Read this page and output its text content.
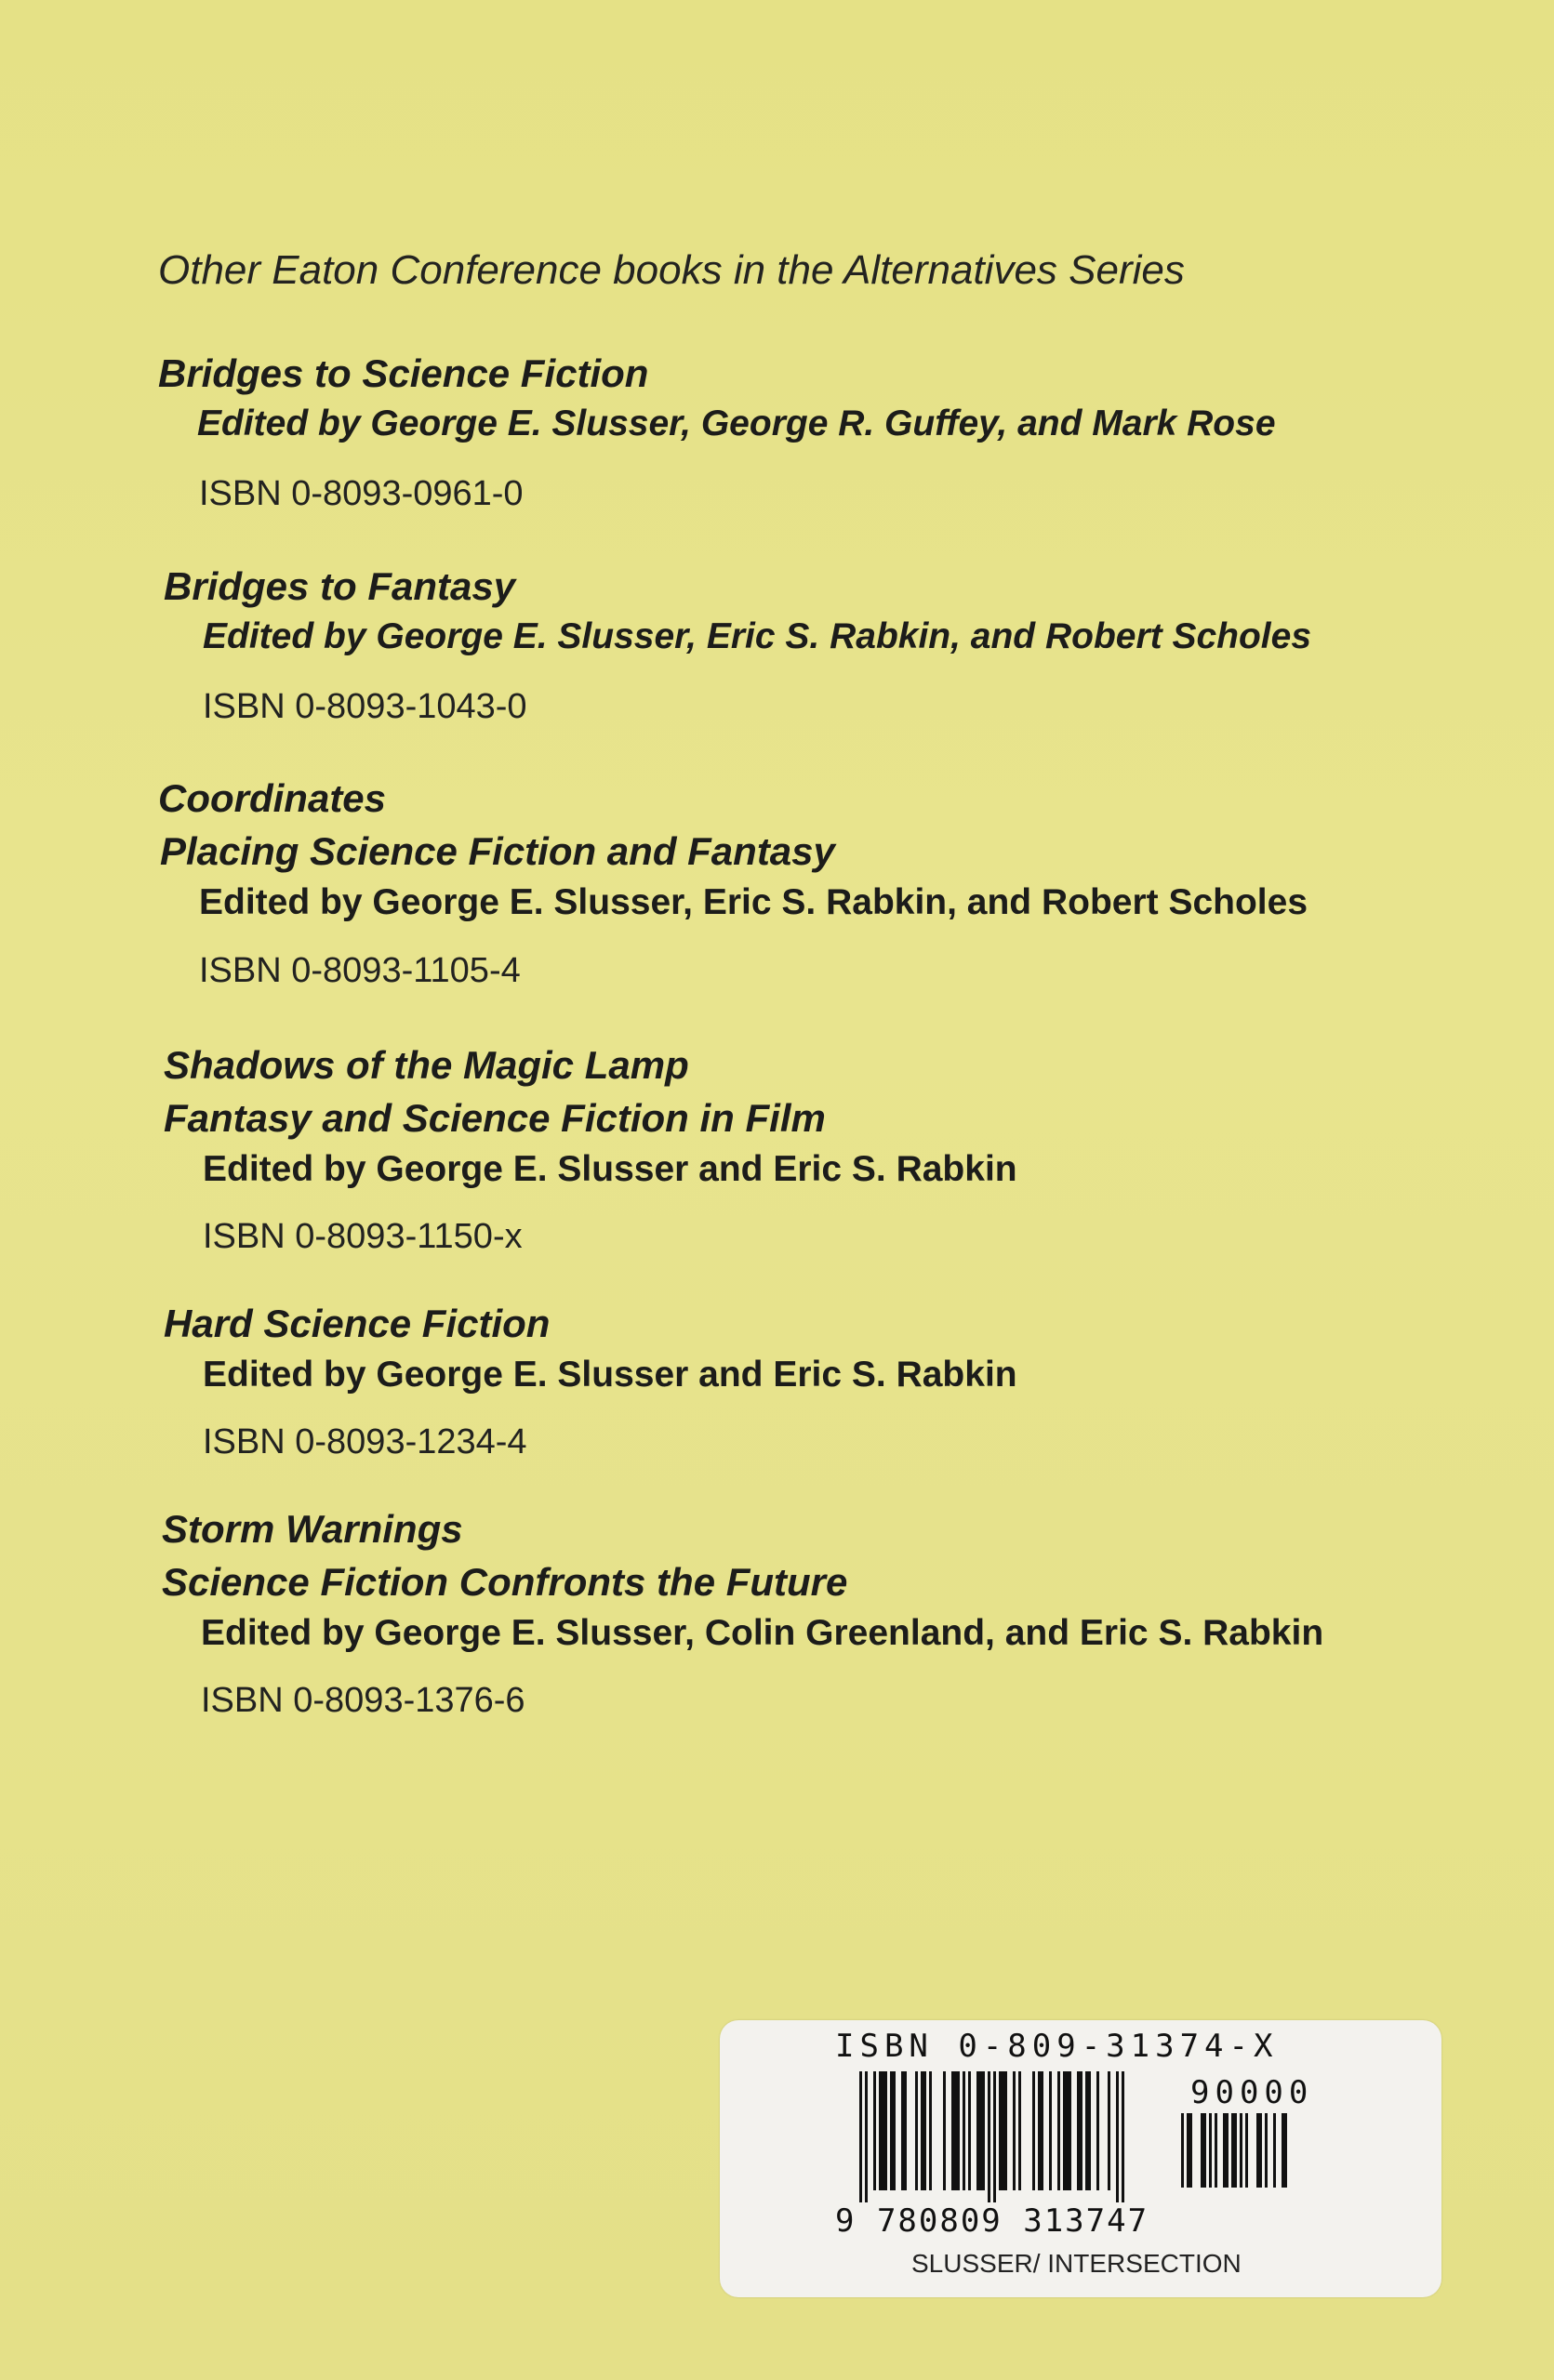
Other Eaton Conference books in the Alternatives Series
Bridges to Science Fiction
Edited by George E. Slusser, George R. Guffey, and Mark Rose
ISBN 0-8093-0961-0
Bridges to Fantasy
Edited by George E. Slusser, Eric S. Rabkin, and Robert Scholes
ISBN 0-8093-1043-0
Coordinates
Placing Science Fiction and Fantasy
Edited by George E. Slusser, Eric S. Rabkin, and Robert Scholes
ISBN 0-8093-1105-4
Shadows of the Magic Lamp
Fantasy and Science Fiction in Film
Edited by George E. Slusser and Eric S. Rabkin
ISBN 0-8093-1150-x
Hard Science Fiction
Edited by George E. Slusser and Eric S. Rabkin
ISBN 0-8093-1234-4
Storm Warnings
Science Fiction Confronts the Future
Edited by George E. Slusser, Colin Greenland, and Eric S. Rabkin
ISBN 0-8093-1376-6
ISBN 0-809-31374-X
90000
9 780809 313747
SLUSSER/ INTERSECTION
